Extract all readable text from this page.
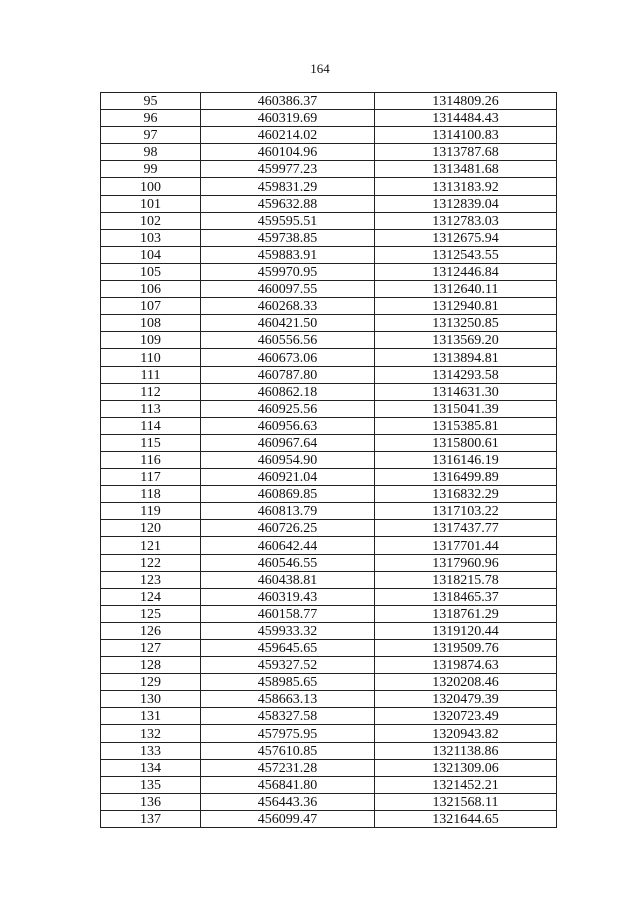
164
95	460386.37	1314809.26
96	460319.69	1314484.43
97	460214.02	1314100.83
98	460104.96	1313787.68
99	459977.23	1313481.68
100	459831.29	1313183.92
101	459632.88	1312839.04
102	459595.51	1312783.03
103	459738.85	1312675.94
104	459883.91	1312543.55
105	459970.95	1312446.84
106	460097.55	1312640.11
107	460268.33	1312940.81
108	460421.50	1313250.85
109	460556.56	1313569.20
110	460673.06	1313894.81
111	460787.80	1314293.58
112	460862.18	1314631.30
113	460925.56	1315041.39
114	460956.63	1315385.81
115	460967.64	1315800.61
116	460954.90	1316146.19
117	460921.04	1316499.89
118	460869.85	1316832.29
119	460813.79	1317103.22
120	460726.25	1317437.77
121	460642.44	1317701.44
122	460546.55	1317960.96
123	460438.81	1318215.78
124	460319.43	1318465.37
125	460158.77	1318761.29
126	459933.32	1319120.44
127	459645.65	1319509.76
128	459327.52	1319874.63
129	458985.65	1320208.46
130	458663.13	1320479.39
131	458327.58	1320723.49
132	457975.95	1320943.82
133	457610.85	1321138.86
134	457231.28	1321309.06
135	456841.80	1321452.21
136	456443.36	1321568.11
137	456099.47	1321644.65
